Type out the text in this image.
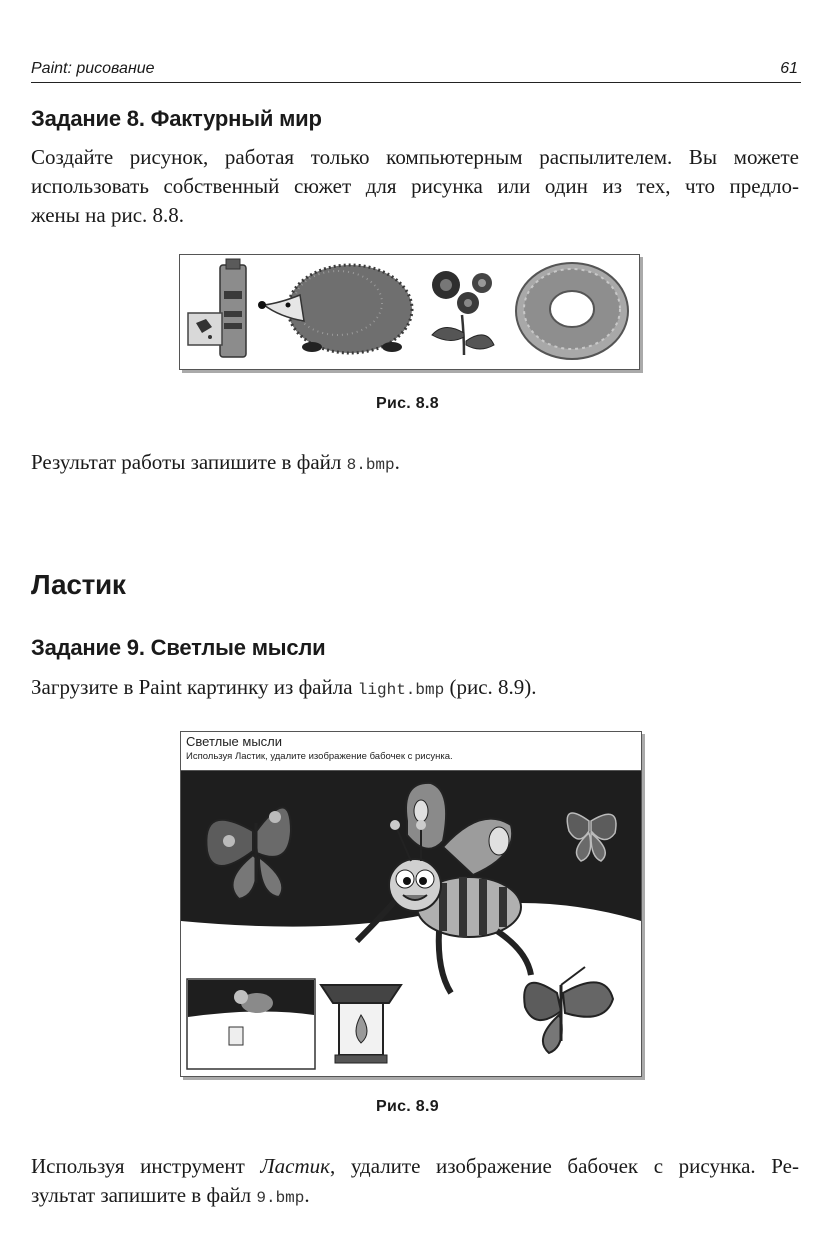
Paint: рисование	61
Задание 8. Фактурный мир
Создайте рисунок, работая только компьютерным распылителем. Вы можете
использовать собственный сюжет для рисунка или один из тех, что предло-
жены на рис. 8.8.
Рис. 8.8
Результат работы запишите в файл 8.bmp.
Ластик
Задание 9. Светлые мысли
Загрузите в Paint картинку из файла light.bmp (рис. 8.9).
Светлые мысли
Используя Ластик, удалите изображение бабочек с рисунка.
Рис. 8.9
Используя инструмент Ластик, удалите изображение бабочек с рисунка. Ре-
зультат запишите в файл 9.bmp.
